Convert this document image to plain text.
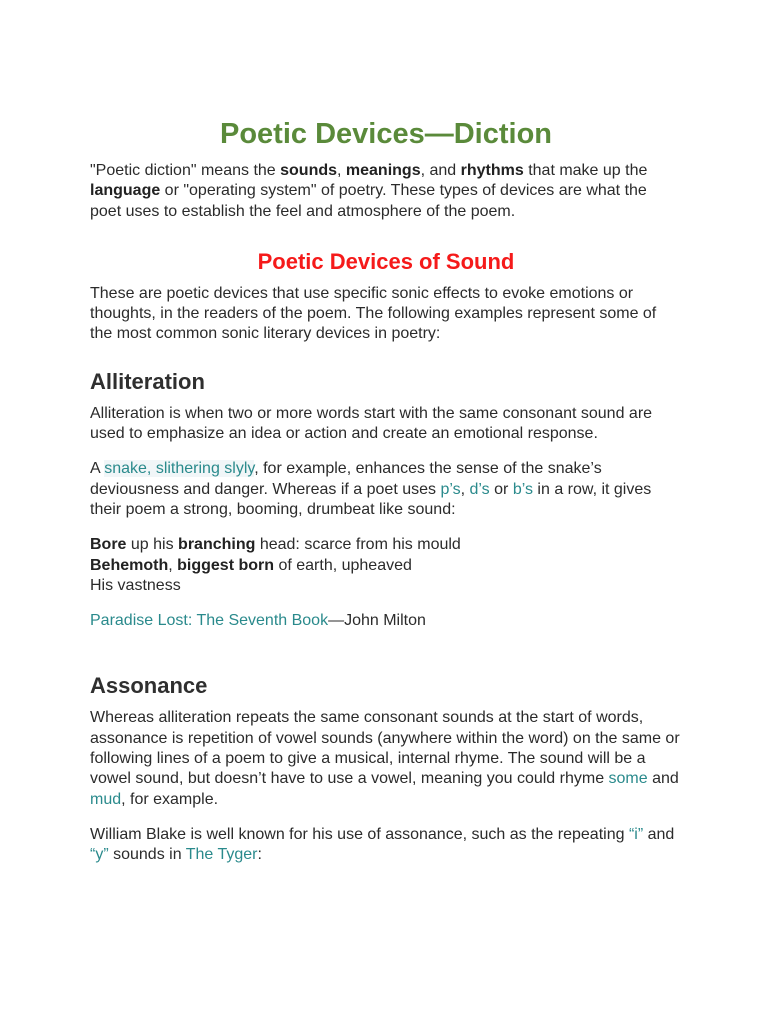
Poetic Devices—Diction

"Poetic diction" means the sounds, meanings, and rhythms that make up the language or "operating system" of poetry. These types of devices are what the poet uses to establish the feel and atmosphere of the poem.

Poetic Devices of Sound

These are poetic devices that use specific sonic effects to evoke emotions or thoughts, in the readers of the poem. The following examples represent some of the most common sonic literary devices in poetry:

Alliteration

Alliteration is when two or more words start with the same consonant sound are used to emphasize an idea or action and create an emotional response.

A snake, slithering slyly, for example, enhances the sense of the snake’s deviousness and danger. Whereas if a poet uses p’s, d’s or b’s in a row, it gives their poem a strong, booming, drumbeat like sound:

Bore up his branching head: scarce from his mould
Behemoth, biggest born of earth, upheaved
His vastness

Paradise Lost: The Seventh Book—John Milton

Assonance

Whereas alliteration repeats the same consonant sounds at the start of words, assonance is repetition of vowel sounds (anywhere within the word) on the same or following lines of a poem to give a musical, internal rhyme. The sound will be a vowel sound, but doesn’t have to use a vowel, meaning you could rhyme some and mud, for example.

William Blake is well known for his use of assonance, such as the repeating “i” and “y” sounds in The Tyger:
